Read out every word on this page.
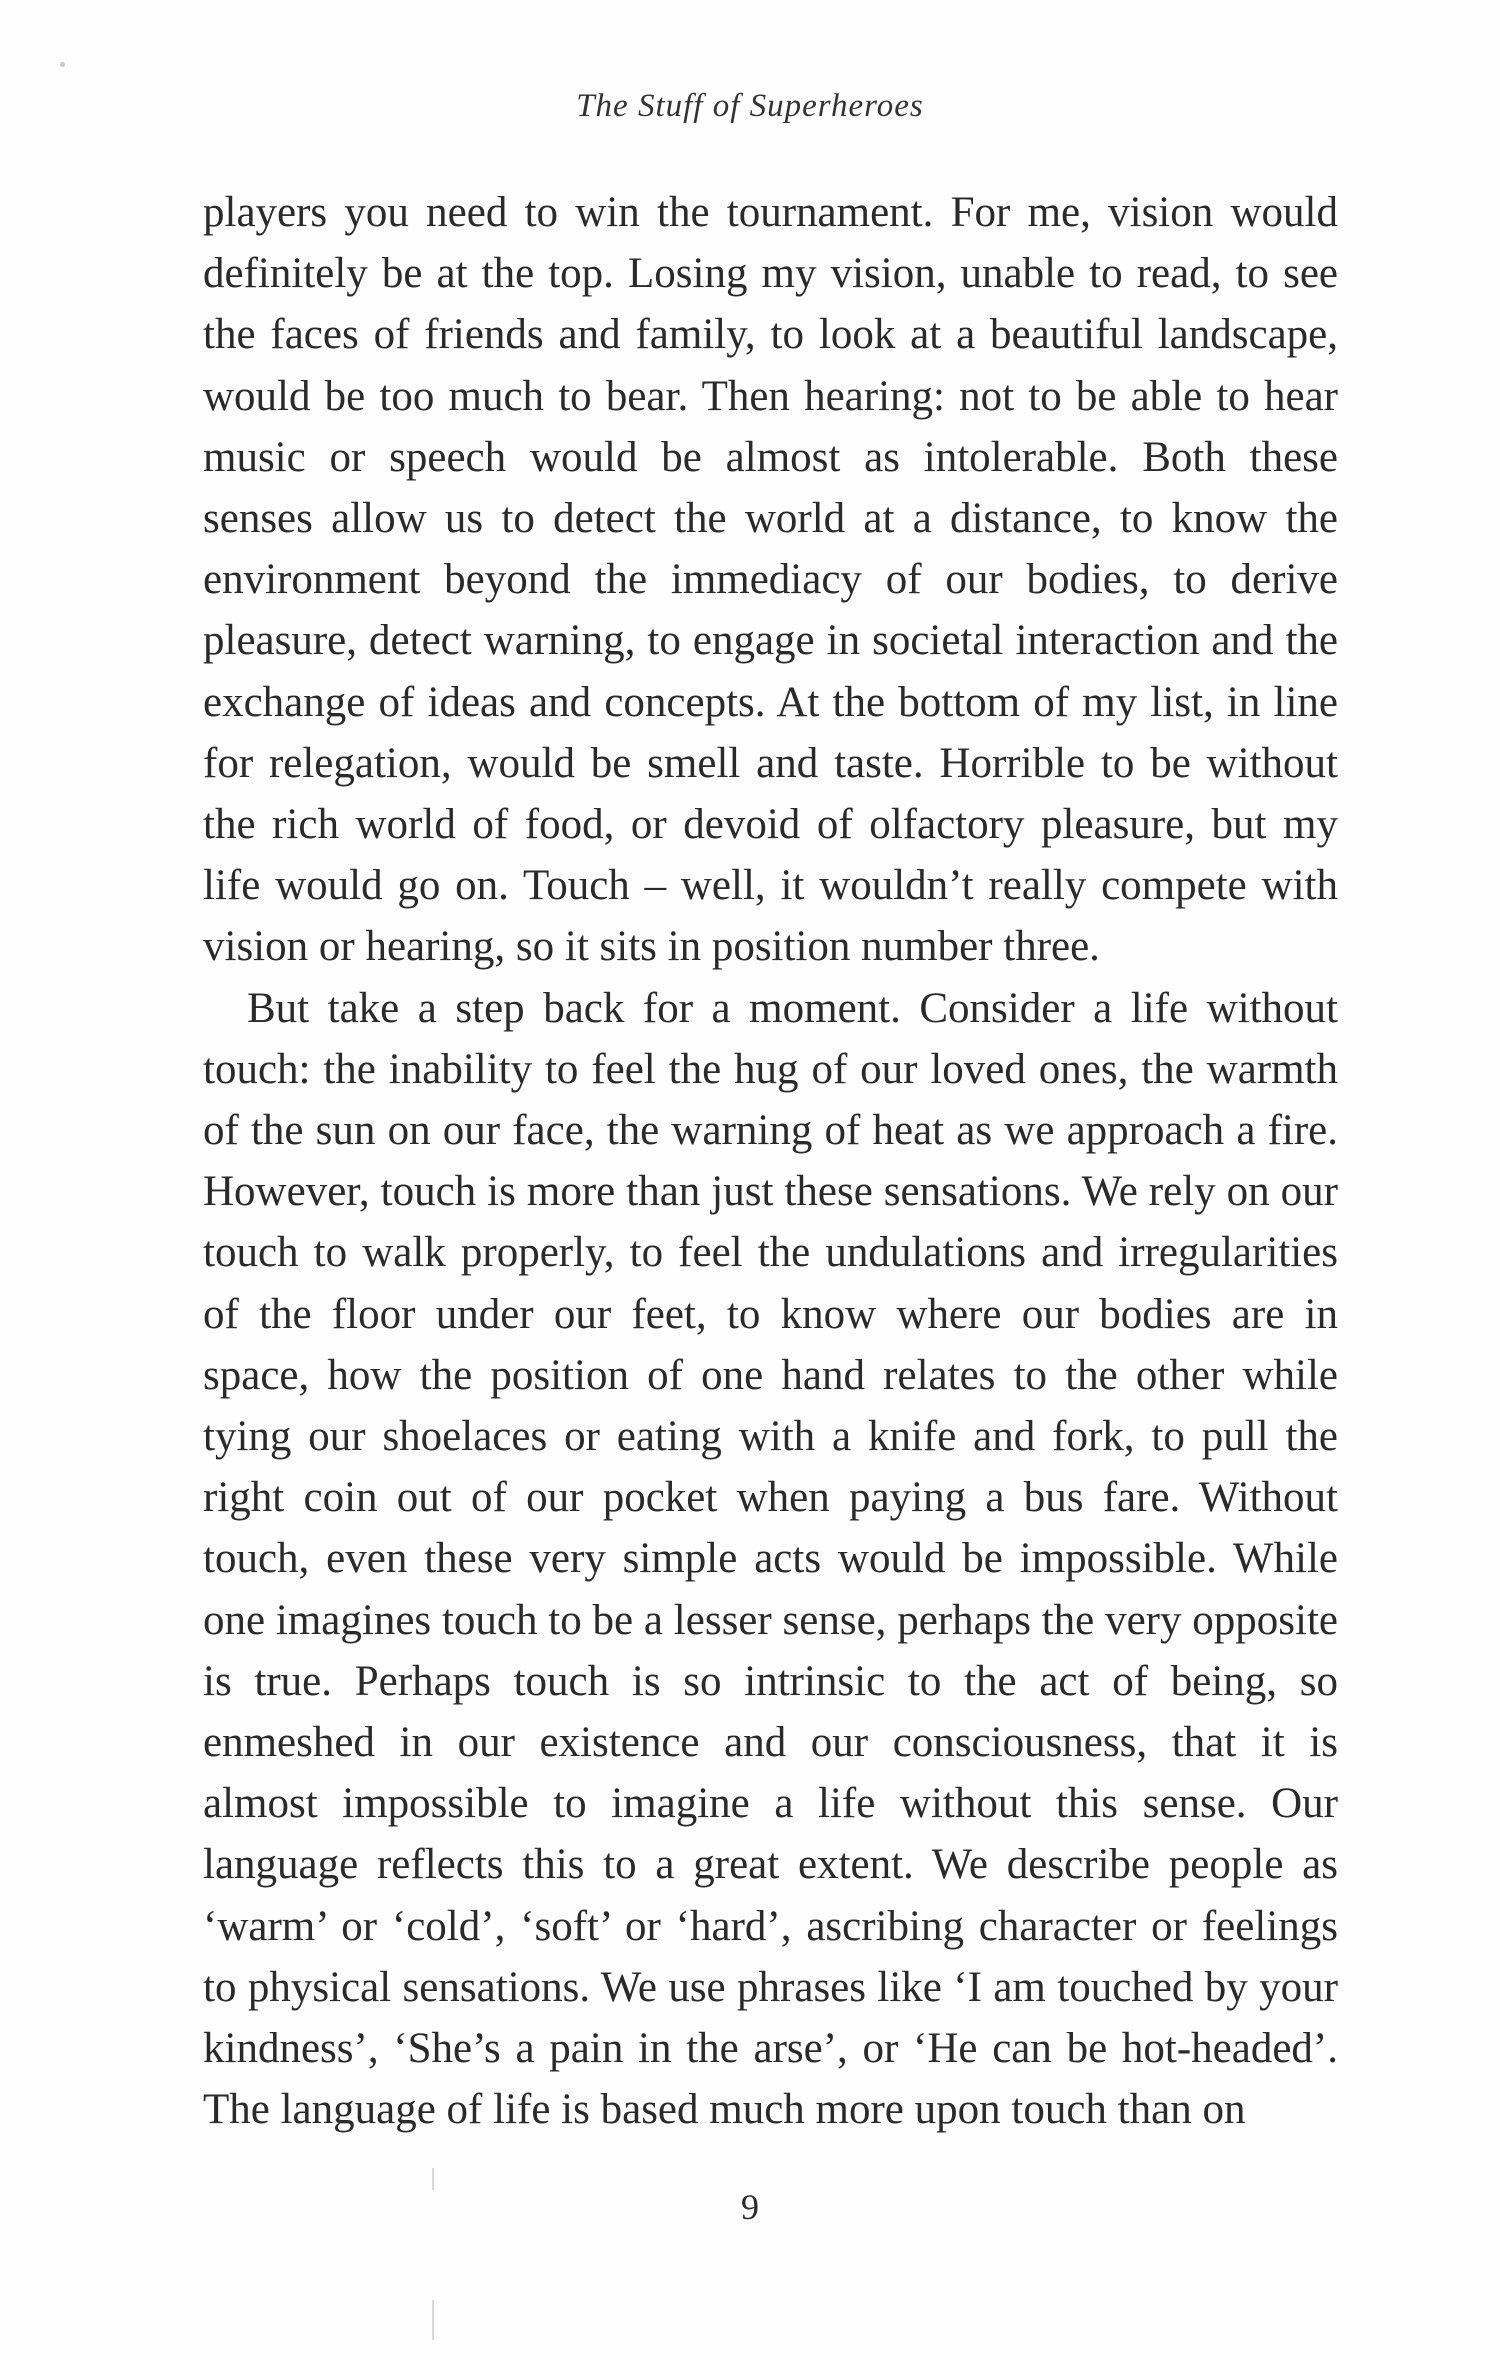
The Stuff of Superheroes

players you need to win the tournament. For me, vision would definitely be at the top. Losing my vision, unable to read, to see the faces of friends and family, to look at a beautiful landscape, would be too much to bear. Then hearing: not to be able to hear music or speech would be almost as intolerable. Both these senses allow us to detect the world at a distance, to know the environment beyond the immediacy of our bodies, to derive pleasure, detect warning, to engage in societal interaction and the exchange of ideas and concepts. At the bottom of my list, in line for relegation, would be smell and taste. Horrible to be without the rich world of food, or devoid of olfactory pleasure, but my life would go on. Touch – well, it wouldn’t really compete with vision or hearing, so it sits in position number three.

But take a step back for a moment. Consider a life without touch: the inability to feel the hug of our loved ones, the warmth of the sun on our face, the warning of heat as we approach a fire. However, touch is more than just these sensations. We rely on our touch to walk properly, to feel the undulations and irregularities of the floor under our feet, to know where our bodies are in space, how the position of one hand relates to the other while tying our shoelaces or eating with a knife and fork, to pull the right coin out of our pocket when paying a bus fare. Without touch, even these very simple acts would be impossible. While one imagines touch to be a lesser sense, perhaps the very opposite is true. Perhaps touch is so intrinsic to the act of being, so enmeshed in our existence and our consciousness, that it is almost impossible to imagine a life without this sense. Our language reflects this to a great extent. We describe people as ‘warm’ or ‘cold’, ‘soft’ or ‘hard’, ascribing character or feelings to physical sensations. We use phrases like ‘I am touched by your kindness’, ‘She’s a pain in the arse’, or ‘He can be hot-headed’. The language of life is based much more upon touch than on

9
